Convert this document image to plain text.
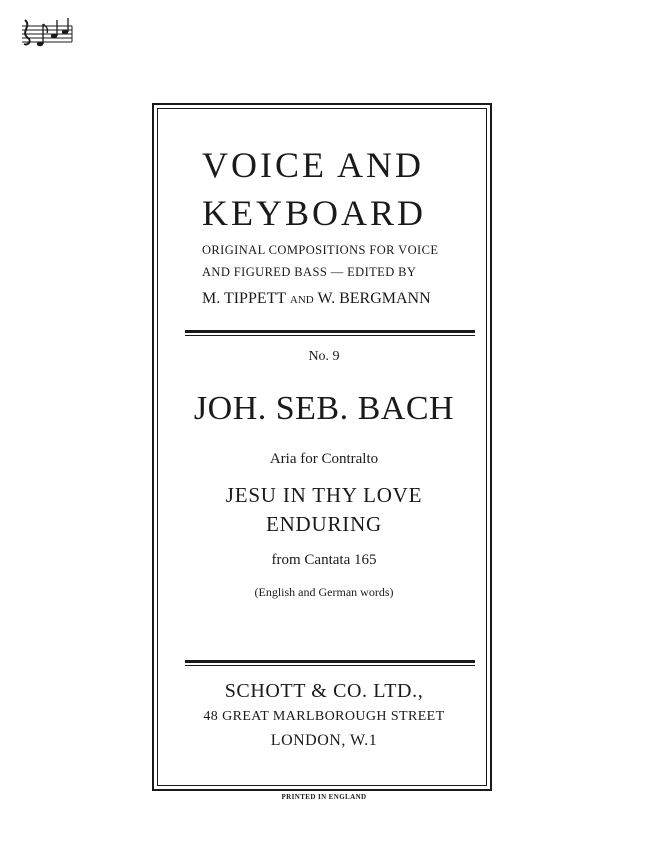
VOICE AND
KEYBOARD
ORIGINAL COMPOSITIONS FOR VOICE
AND FIGURED BASS — EDITED BY
M. TIPPETT AND W. BERGMANN
No. 9
JOH. SEB. BACH
Aria for Contralto
JESU IN THY LOVE
ENDURING
from Cantata 165
(English and German words)
SCHOTT & CO. LTD.,
48 GREAT MARLBOROUGH STREET
LONDON, W.1
PRINTED IN ENGLAND
